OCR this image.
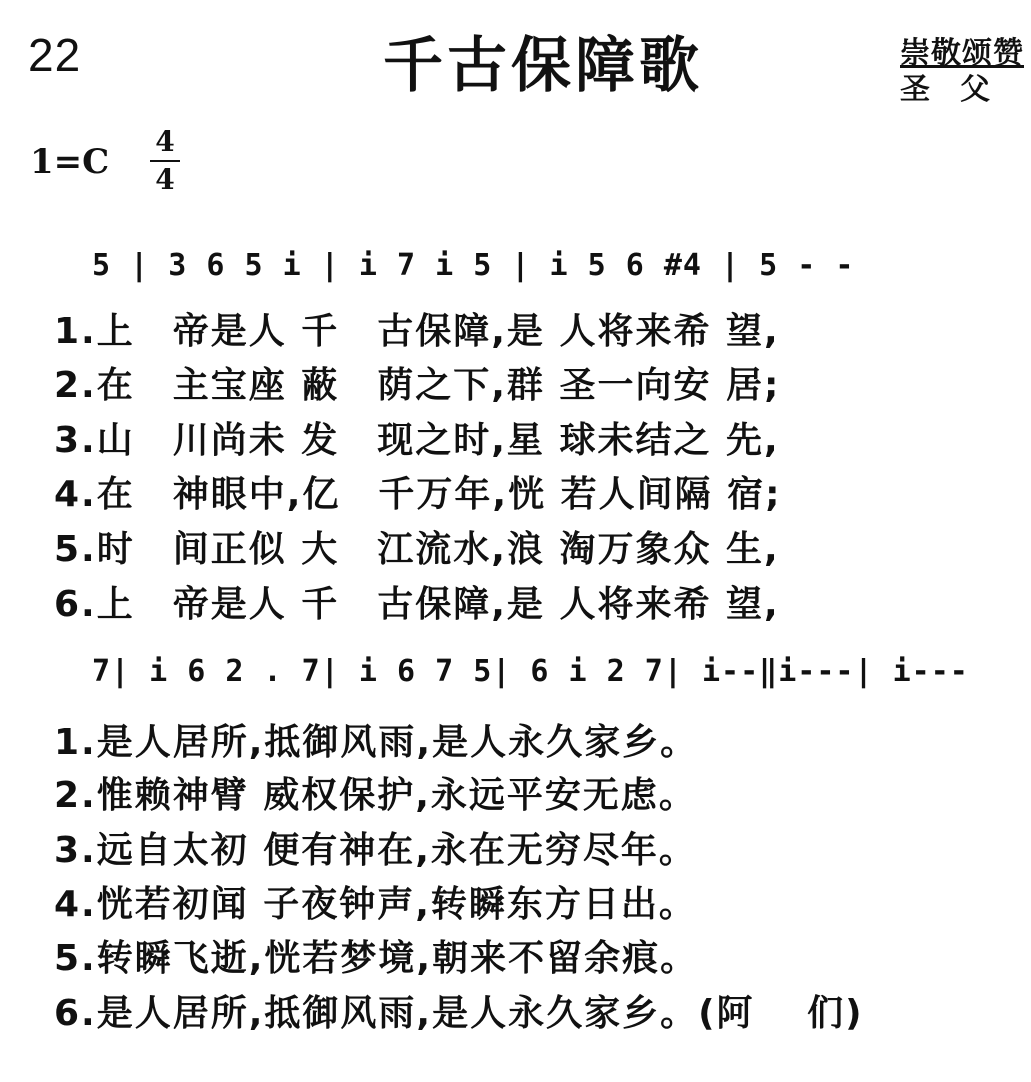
22	千古保障歌	崇敬颂赞
圣　父
1=C
4
4
5 | 3 6 5 i | i 7 i 5 | i 5 6 #4 | 5 - -
1.上　帝是人 千　古保障,是 人将来希 望,
2.在　主宝座 蔽　荫之下,群 圣一向安 居;
3.山　川尚未 发　现之时,星 球未结之 先,
4.在　神眼中,亿　千万年,恍 若人间隔 宿;
5.时　间正似 大　江流水,浪 淘万象众 生,
6.上　帝是人 千　古保障,是 人将来希 望,
7| i 6 2 . 7| i 6 7 5| 6 i 2 7| i--‖i---| i---
1.是人居所,抵御风雨,是人永久家乡。
2.惟赖神臂 威权保护,永远平安无虑。
3.远自太初 便有神在,永在无穷尽年。
4.恍若初闻 子夜钟声,转瞬东方日出。
5.转瞬飞逝,恍若梦境,朝来不留余痕。
6.是人居所,抵御风雨,是人永久家乡。(阿　 们)
